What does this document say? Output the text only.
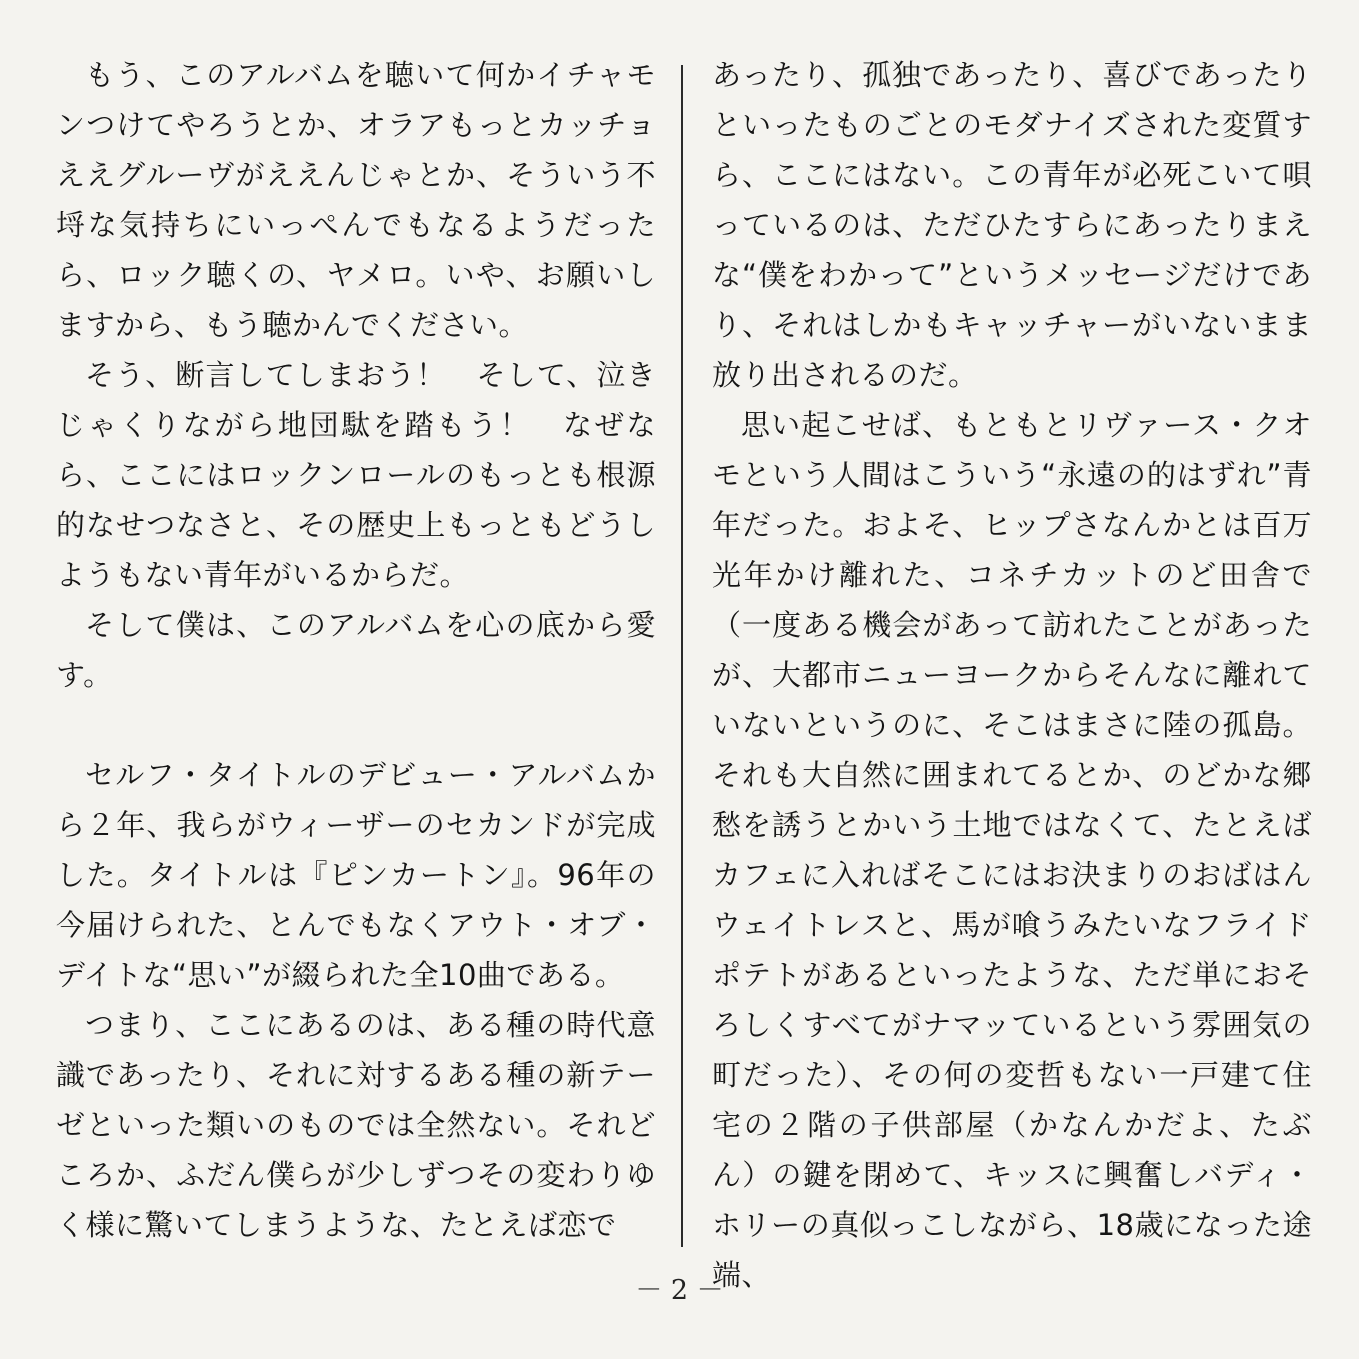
もう、このアルバムを聴いて何かイチャモンつけてやろうとか、オラアもっとカッチョええグルーヴがええんじゃとか、そういう不埒な気持ちにいっぺんでもなるようだったら、ロック聴くの、ヤメロ。いや、お願いしますから、もう聴かんでください。

そう、断言してしまおう！　そして、泣きじゃくりながら地団駄を踏もう！　なぜなら、ここにはロックンロールのもっとも根源的なせつなさと、その歴史上もっともどうしようもない青年がいるからだ。

そして僕は、このアルバムを心の底から愛す。

セルフ・タイトルのデビュー・アルバムから２年、我らがウィーザーのセカンドが完成した。タイトルは『ピンカートン』。96年の今届けられた、とんでもなくアウト・オブ・デイトな“思い”が綴られた全10曲である。

つまり、ここにあるのは、ある種の時代意識であったり、それに対するある種の新テーゼといった類いのものでは全然ない。それどころか、ふだん僕らが少しずつその変わりゆく様に驚いてしまうような、たとえば恋で

あったり、孤独であったり、喜びであったりといったものごとのモダナイズされた変質すら、ここにはない。この青年が必死こいて唄っているのは、ただひたすらにあったりまえな“僕をわかって”というメッセージだけであり、それはしかもキャッチャーがいないまま放り出されるのだ。

思い起こせば、もともとリヴァース・クオモという人間はこういう“永遠の的はずれ”青年だった。およそ、ヒップさなんかとは百万光年かけ離れた、コネチカットのど田舎で（一度ある機会があって訪れたことがあったが、大都市ニューヨークからそんなに離れていないというのに、そこはまさに陸の孤島。それも大自然に囲まれてるとか、のどかな郷愁を誘うとかいう土地ではなくて、たとえばカフェに入ればそこにはお決まりのおばはんウェイトレスと、馬が喰うみたいなフライドポテトがあるといったような、ただ単におそろしくすべてがナマッているという雰囲気の町だった）、その何の変哲もない一戸建て住宅の２階の子供部屋（かなんかだよ、たぶん）の鍵を閉めて、キッスに興奮しバディ・ホリーの真似っこしながら、18歳になった途端、

－ 2 －
